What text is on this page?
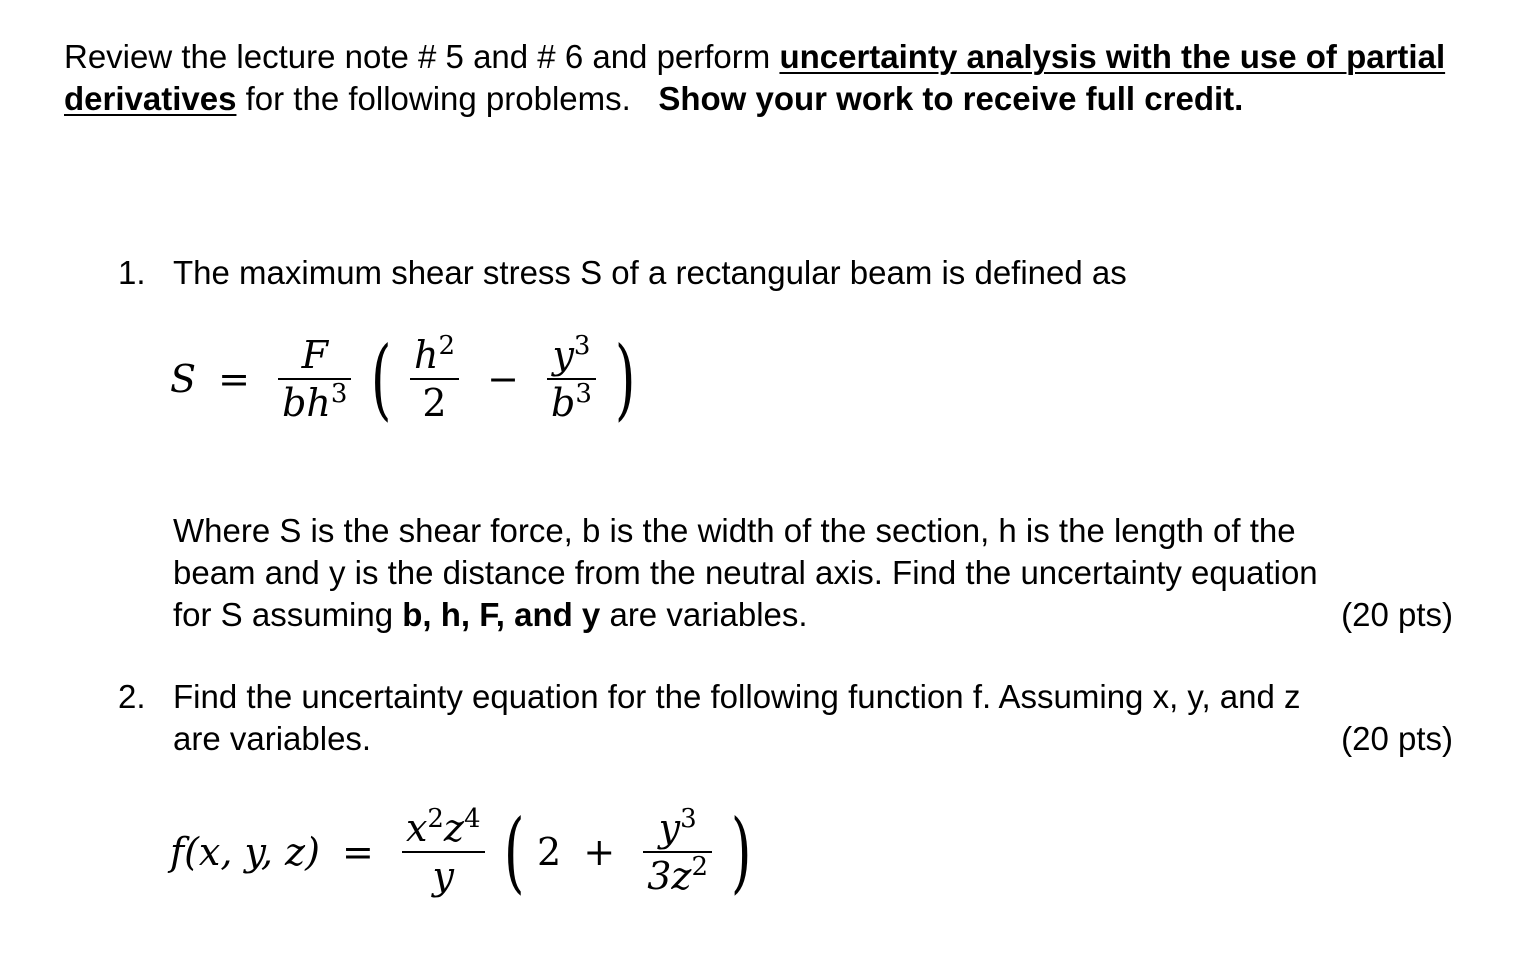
Review the lecture note # 5 and # 6 and perform uncertainty analysis with the use of partial derivatives for the following problems. Show your work to receive full credit.
1. The maximum shear stress S of a rectangular beam is defined as
$S = \frac{F}{bh^3}$ ( $\frac{h^2}{2} - \frac{y^3}{b^3}$ )
Where S is the shear force, b is the width of the section, h is the length of the
beam and y is the distance from the neutral axis. Find the uncertainty equation
for S assuming b, h, F, and y are variables.	(20 pts)
2. Find the uncertainty equation for the following function f. Assuming x, y, and z
are variables.	(20 pts)
f(x, y, $z) = \frac{x^2z^4}{y}$ ( $2 + \frac{y^3}{3z^2}$ )
